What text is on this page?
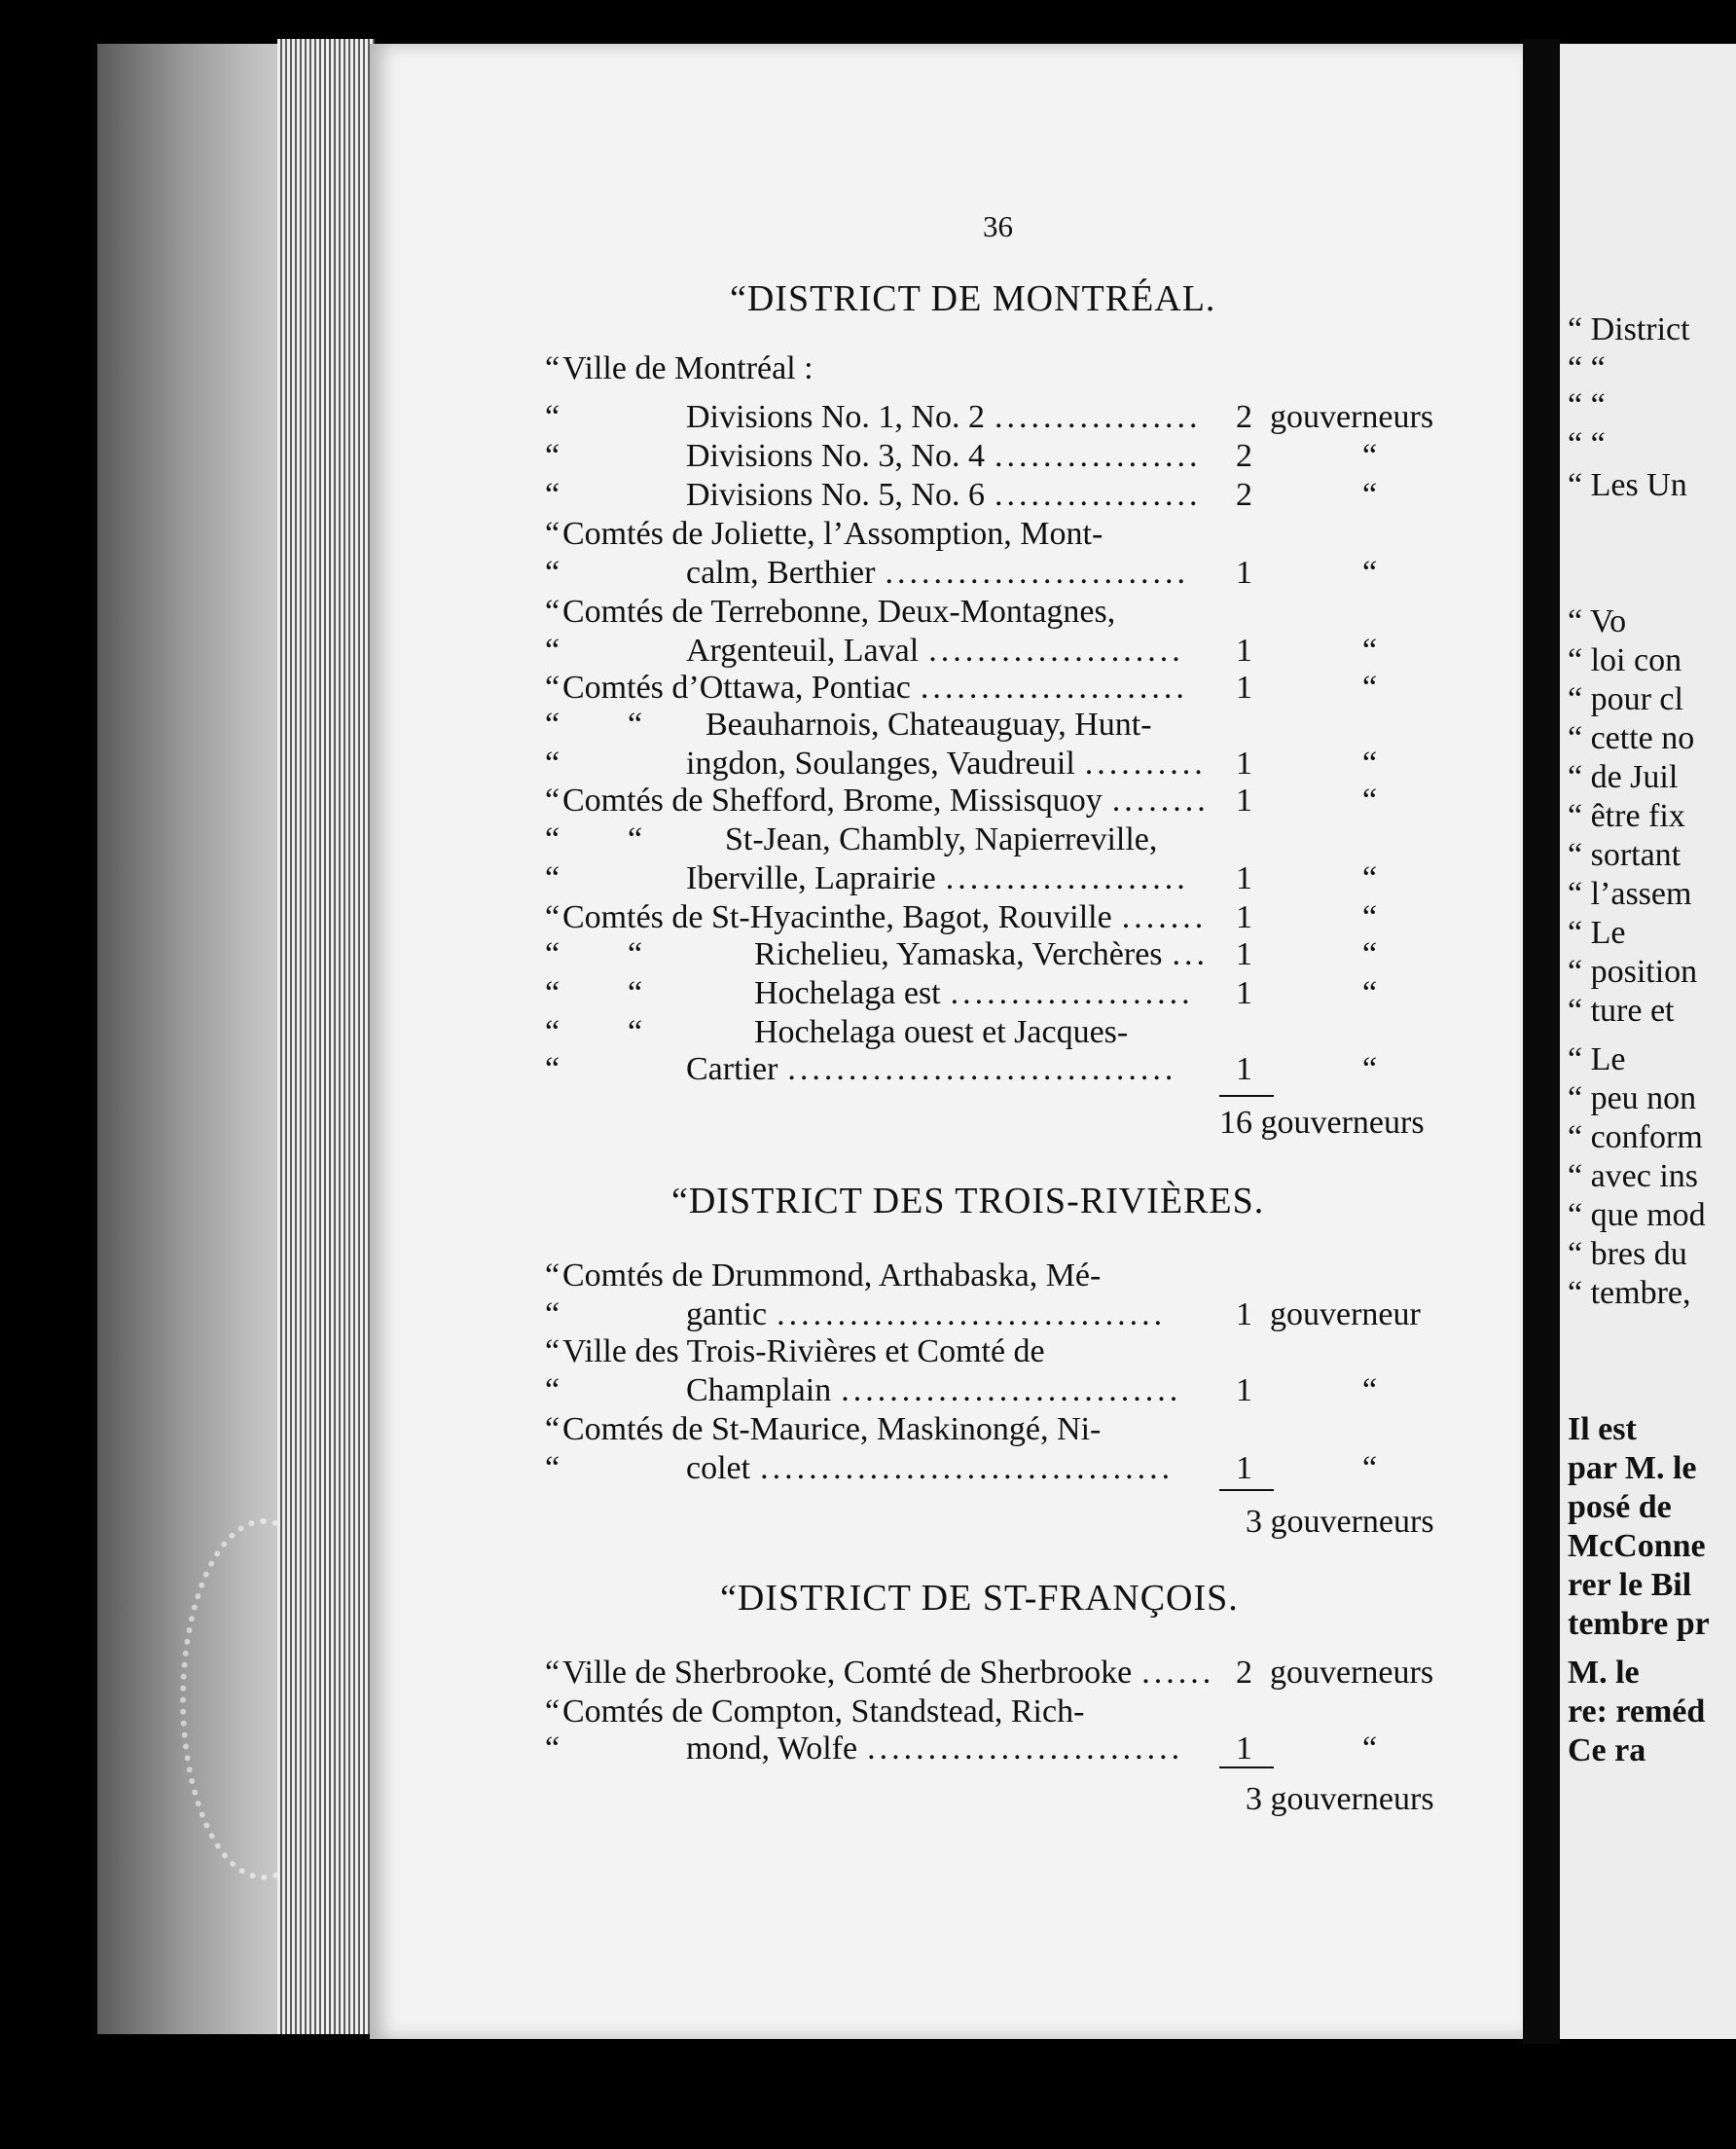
“ District
“ “
“ “
“ “
“ Les Un
“ Vo
“ loi con
“ pour cl
“ cette no
“ de Juil
“ être fix
“ sortant
“ l’assem
“ Le
“ position
“ ture et
“ Le
“ peu non
“ conform
“ avec ins
“ que mod
“ bres du
“ tembre,
Il est
par M. le
posé de
McConne
rer le Bil
tembre pr
M. le
re: reméd
Ce ra
36
“DISTRICT DE MONTRÉAL.
“ Ville de Montréal :
“	Divisions No. 1, No. 2 ................. 2 gouverneurs
“	Divisions No. 3, No. 4 ................. 2	“
“	Divisions No. 5, No. 6 ................. 2	“
“ Comtés de Joliette, l’Assomption, Mont-
“	calm, Berthier ......................... 1	“
“ Comtés de Terrebonne, Deux-Montagnes,
“	Argenteuil, Laval ..................... 1	“
“ Comtés d’Ottawa, Pontiac ...................... 1	“
“ “ Beauharnois, Chateauguay, Hunt-
“	ingdon, Soulanges, Vaudreuil .......... 1	“
“ Comtés de Shefford, Brome, Missisquoy ........ 1	“
“ “ St-Jean, Chambly, Napierreville,
“	Iberville, Laprairie .................... 1	“
“ Comtés de St-Hyacinthe, Bagot, Rouville ....... 1	“
“ “	Richelieu, Yamaska, Verchères ... 1	“
“ “	Hochelaga est .................... 1	“
“ “	Hochelaga ouest et Jacques-
“	Cartier ................................ 1	“
16 gouverneurs
“DISTRICT DES TROIS-RIVIÈRES.
“ Comtés de Drummond, Arthabaska, Mé-
“	gantic ................................ 1 gouverneur
“ Ville des Trois-Rivières et Comté de
“	Champlain ............................ 1	“
“ Comtés de St-Maurice, Maskinongé, Ni-
“	colet .................................. 1	“
3 gouverneurs
“DISTRICT DE ST-FRANÇOIS.
“ Ville de Sherbrooke, Comté de Sherbrooke ...... 2 gouverneurs
“ Comtés de Compton, Standstead, Rich-
“	mond, Wolfe .......................... 1	“
3 gouverneurs
